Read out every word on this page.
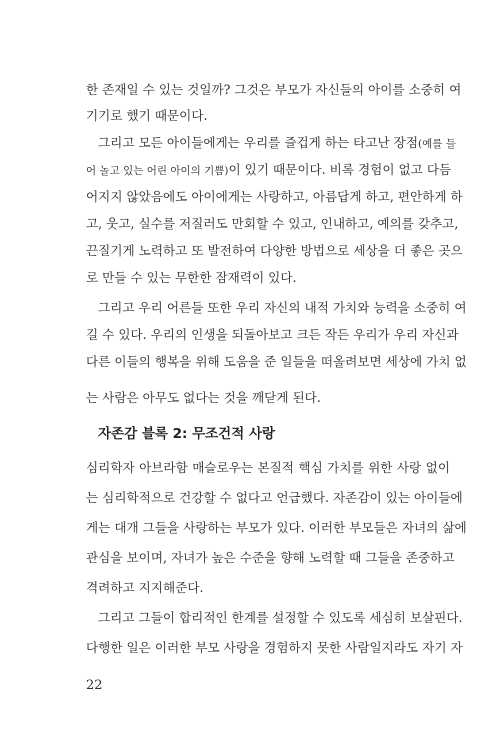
한 존재일 수 있는 것일까? 그것은 부모가 자신들의 아이를 소중히 여
기기로 했기 때문이다.
그리고 모든 아이들에게는 우리를 즐겁게 하는 타고난 장점(예를 들
어 놀고 있는 어린 아이의 기쁨)이 있기 때문이다. 비록 경험이 없고 다듬
어지지 않았음에도 아이에게는 사랑하고, 아름답게 하고, 편안하게 하
고, 웃고, 실수를 저질러도 만회할 수 있고, 인내하고, 예의를 갖추고,
끈질기게 노력하고 또 발전하여 다양한 방법으로 세상을 더 좋은 곳으
로 만들 수 있는 무한한 잠재력이 있다.
그리고 우리 어른들 또한 우리 자신의 내적 가치와 능력을 소중히 여
길 수 있다. 우리의 인생을 되돌아보고 크든 작든 우리가 우리 자신과
다른 이들의 행복을 위해 도움을 준 일들을 떠올려보면 세상에 가치 없
자존감 블록 2: 무조건적 사랑
심리학자 아브라함 매슬로우는 본질적 핵심 가치를 위한 사랑 없이
는 심리학적으로 건강할 수 없다고 언급했다. 자존감이 있는 아이들에
게는 대개 그들을 사랑하는 부모가 있다. 이러한 부모들은 자녀의 삶에
관심을 보이며, 자녀가 높은 수준을 향해 노력할 때 그들을 존중하고
격려하고 지지해준다.
그리고 그들이 합리적인 한계를 설정할 수 있도록 세심히 보살핀다.
다행한 일은 이러한 부모 사랑을 경험하지 못한 사람일지라도 자기 자
22
는 사람은 아무도 없다는 것을 깨닫게 된다.
